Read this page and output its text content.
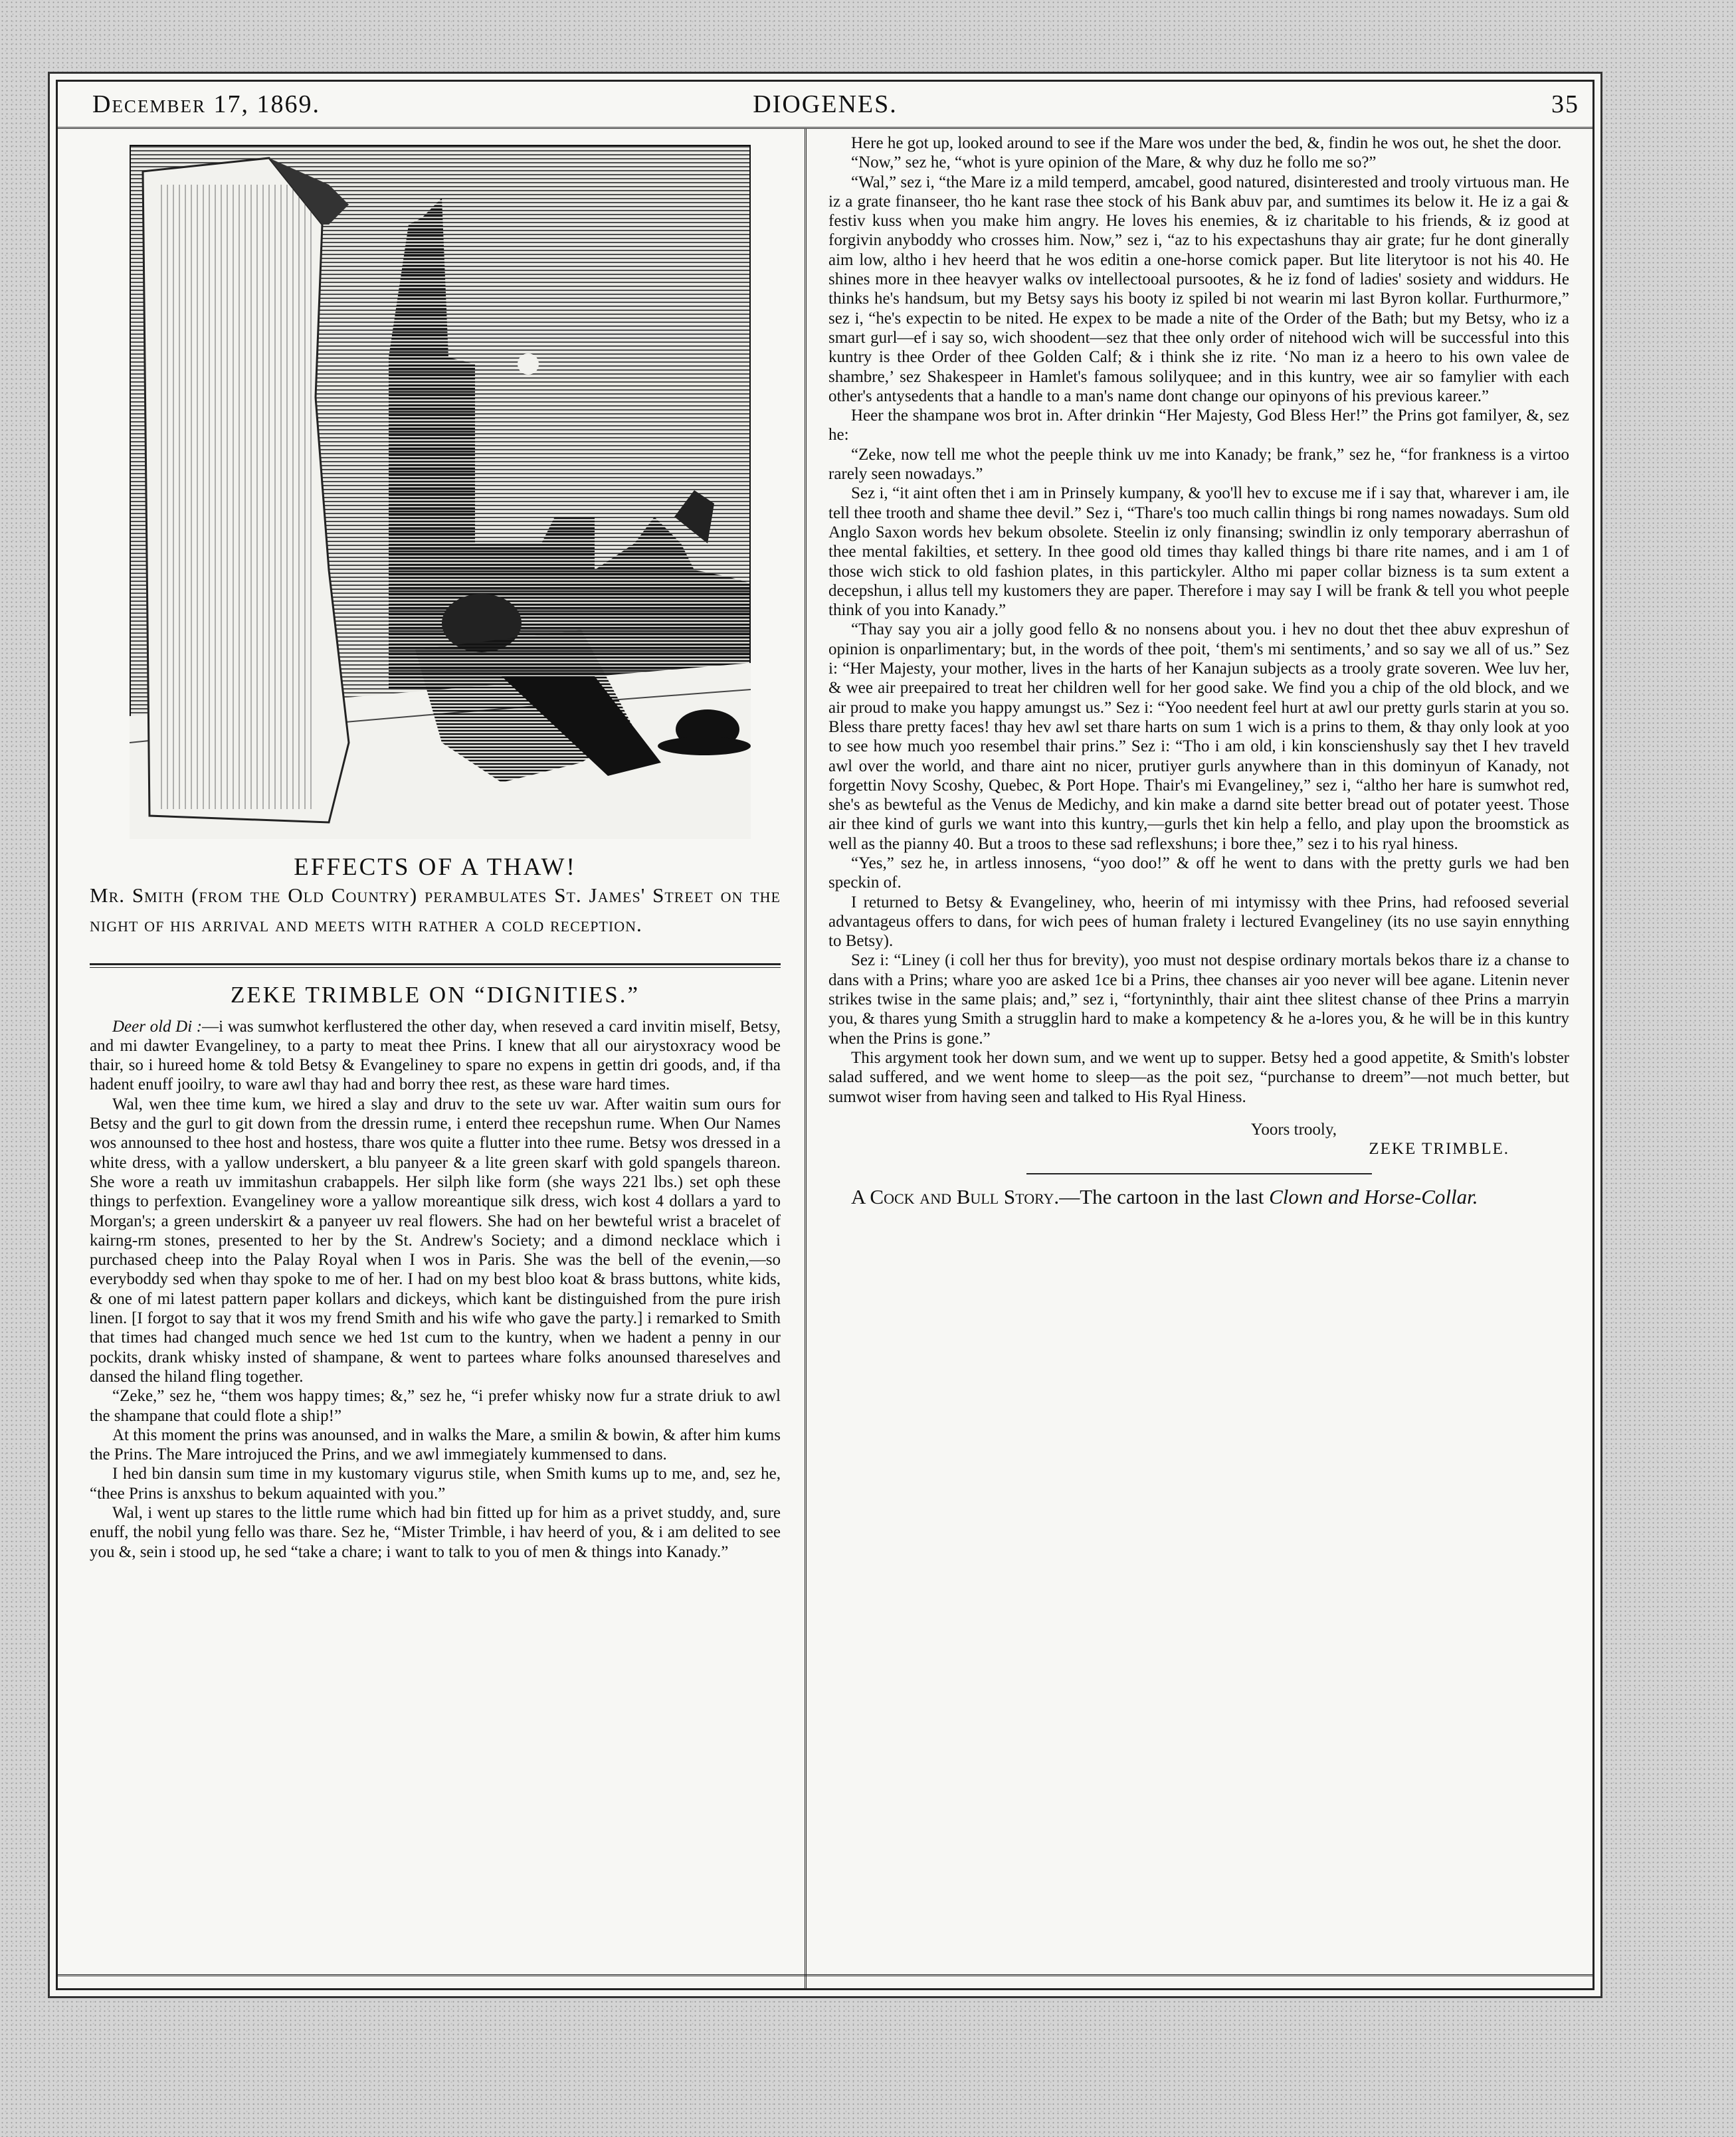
December 17, 1869.	DIOGENES.	35
EFFECTS OF A THAW!

Mr. Smith (from the Old Country) perambulates St. James' Street on the night of his arrival and meets with rather a cold reception.

ZEKE TRIMBLE ON “DIGNITIES.”

Deer old Di :—i was sumwhot kerflustered the other day, when reseved a card invitin miself, Betsy, and mi dawter Evangeliney, to a party to meat thee Prins. I knew that all our airystoxracy wood be thair, so i hureed home & told Betsy & Evangeliney to spare no expens in gettin dri goods, and, if tha hadent enuff jooilry, to ware awl thay had and borry thee rest, as these ware hard times.

Wal, wen thee time kum, we hired a slay and druv to the sete uv war. After waitin sum ours for Betsy and the gurl to git down from the dressin rume, i enterd thee recepshun rume. When Our Names wos announsed to thee host and hostess, thare wos quite a flutter into thee rume. Betsy wos dressed in a white dress, with a yallow underskert, a blu panyeer & a lite green skarf with gold spangels thareon. She wore a reath uv immitashun crabappels. Her silph like form (she ways 221 lbs.) set oph these things to perfextion. Evangeliney wore a yallow moreantique silk dress, wich kost 4 dollars a yard to Morgan's; a green underskirt & a panyeer uv real flowers. She had on her bewteful wrist a bracelet of kairng-rm stones, presented to her by the St. Andrew's Society; and a dimond necklace which i purchased cheep into the Palay Royal when I wos in Paris. She was the bell of the evenin,—so everyboddy sed when thay spoke to me of her. I had on my best bloo koat & brass buttons, white kids, & one of mi latest pattern paper kollars and dickeys, which kant be distinguished from the pure irish linen. [I forgot to say that it wos my frend Smith and his wife who gave the party.] i remarked to Smith that times had changed much sence we hed 1st cum to the kuntry, when we hadent a penny in our pockits, drank whisky insted of shampane, & went to partees whare folks anounsed thareselves and dansed the hiland fling together.

“Zeke,” sez he, “them wos happy times; &,” sez he, “i prefer whisky now fur a strate driuk to awl the shampane that could flote a ship!”

At this moment the prins was anounsed, and in walks the Mare, a smilin & bowin, & after him kums the Prins. The Mare introjuced the Prins, and we awl immegiately kummensed to dans.

I hed bin dansin sum time in my kustomary vigurus stile, when Smith kums up to me, and, sez he, “thee Prins is anxshus to bekum aquainted with you.”

Wal, i went up stares to the little rume which had bin fitted up for him as a privet studdy, and, sure enuff, the nobil yung fello was thare. Sez he, “Mister Trimble, i hav heerd of you, & i am delited to see you &, sein i stood up, he sed “take a chare; i want to talk to you of men & things into Kanady.”

Here he got up, looked around to see if the Mare wos under the bed, &, findin he wos out, he shet the door.

“Now,” sez he, “whot is yure opinion of the Mare, & why duz he follo me so?”

“Wal,” sez i, “the Mare iz a mild temperd, amcabel, good natured, disinterested and trooly virtuous man. He iz a grate finanseer, tho he kant rase thee stock of his Bank abuv par, and sumtimes its below it. He iz a gai & festiv kuss when you make him angry. He loves his enemies, & iz charitable to his friends, & iz good at forgivin anyboddy who crosses him. Now,” sez i, “az to his expectashuns thay air grate; fur he dont ginerally aim low, altho i hev heerd that he wos editin a one-horse comick paper. But lite literytoor is not his 40. He shines more in thee heavyer walks ov intellectooal pursootes, & he iz fond of ladies' sosiety and widdurs. He thinks he's handsum, but my Betsy says his booty iz spiled bi not wearin mi last Byron kollar. Furthurmore,” sez i, “he's expectin to be nited. He expex to be made a nite of the Order of the Bath; but my Betsy, who iz a smart gurl—ef i say so, wich shoodent—sez that thee only order of nitehood wich will be successful into this kuntry is thee Order of thee Golden Calf; & i think she iz rite. ‘No man iz a heero to his own valee de shambre,’ sez Shakespeer in Hamlet's famous solilyquee; and in this kuntry, wee air so famylier with each other's antysedents that a handle to a man's name dont change our opinyons of his previous kareer.”

Heer the shampane wos brot in. After drinkin “Her Majesty, God Bless Her!” the Prins got familyer, &, sez he:

“Zeke, now tell me whot the peeple think uv me into Kanady; be frank,” sez he, “for frankness is a virtoo rarely seen nowadays.”

Sez i, “it aint often thet i am in Prinsely kumpany, & yoo'll hev to excuse me if i say that, wharever i am, ile tell thee trooth and shame thee devil.” Sez i, “Thare's too much callin things bi rong names nowadays. Sum old Anglo Saxon words hev bekum obsolete. Steelin iz only finansing; swindlin iz only temporary aberrashun of thee mental fakilties, et settery. In thee good old times thay kalled things bi thare rite names, and i am 1 of those wich stick to old fashion plates, in this partickyler. Altho mi paper collar bizness is ta sum extent a decepshun, i allus tell my kustomers they are paper. Therefore i may say I will be frank & tell you whot peeple think of you into Kanady.”

“Thay say you air a jolly good fello & no nonsens about you. i hev no dout thet thee abuv expreshun of opinion is onparlimentary; but, in the words of thee poit, ‘them's mi sentiments,’ and so say we all of us.” Sez i: “Her Majesty, your mother, lives in the harts of her Kanajun subjects as a trooly grate soveren. Wee luv her, & wee air preepaired to treat her children well for her good sake. We find you a chip of the old block, and we air proud to make you happy amungst us.” Sez i: “Yoo needent feel hurt at awl our pretty gurls starin at you so. Bless thare pretty faces! thay hev awl set thare harts on sum 1 wich is a prins to them, & thay only look at yoo to see how much yoo resembel thair prins.” Sez i: “Tho i am old, i kin konscienshusly say thet I hev traveld awl over the world, and thare aint no nicer, prutiyer gurls anywhere than in this dominyun of Kanady, not forgettin Novy Scoshy, Quebec, & Port Hope. Thair's mi Evangeliney,” sez i, “altho her hare is sumwhot red, she's as bewteful as the Venus de Medichy, and kin make a darnd site better bread out of potater yeest. Those air thee kind of gurls we want into this kuntry,—gurls thet kin help a fello, and play upon the broomstick as well as the pianny 40. But a troos to these sad reflexshuns; i bore thee,” sez i to his ryal hiness.

“Yes,” sez he, in artless innosens, “yoo doo!” & off he went to dans with the pretty gurls we had ben speckin of.

I returned to Betsy & Evangeliney, who, heerin of mi intymissy with thee Prins, had refoosed severial advantageus offers to dans, for wich pees of human fralety i lectured Evangeliney (its no use sayin ennything to Betsy).

Sez i: “Liney (i coll her thus for brevity), yoo must not despise ordinary mortals bekos thare iz a chanse to dans with a Prins; whare yoo are asked 1ce bi a Prins, thee chanses air yoo never will bee agane. Litenin never strikes twise in the same plais; and,” sez i, “fortyninthly, thair aint thee slitest chanse of thee Prins a marryin you, & thares yung Smith a strugglin hard to make a kompetency & he a-lores you, & he will be in this kuntry when the Prins is gone.”

This argyment took her down sum, and we went up to supper. Betsy hed a good appetite, & Smith's lobster salad suffered, and we went home to sleep—as the poit sez, “purchanse to dreem”—not much better, but sumwot wiser from having seen and talked to His Ryal Hiness.

Yoors trooly,

ZEKE TRIMBLE.

A Cock and Bull Story.—The cartoon in the last Clown and Horse-Collar.
